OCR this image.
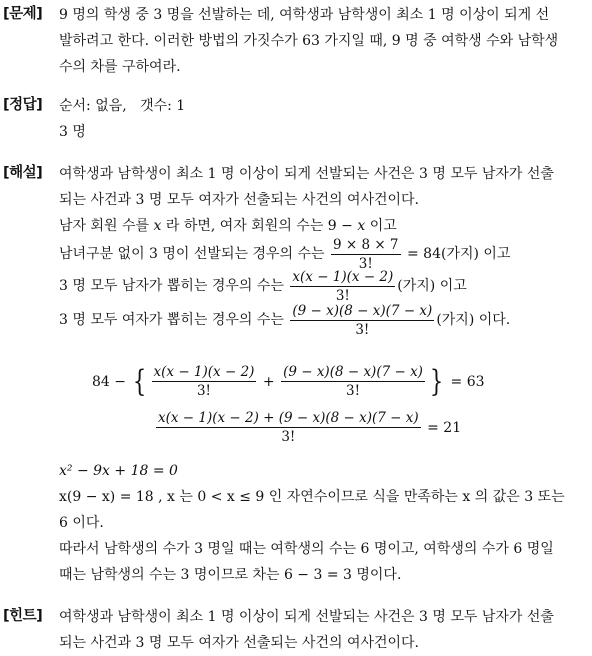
[문제] 9 명의 학생 중 3 명을 선발하는 데, 여학생과 남학생이 최소 1 명 이상이 되게 선
발하려고 한다. 이러한 방법의 가짓수가 63 가지일 때, 9 명 중 여학생 수와 남학생
수의 차를 구하여라.
[정답] 순서: 없음,   갯수: 1
3 명
[해설] 여학생과 남학생이 최소 1 명 이상이 되게 선발되는 사건은 3 명 모두 남자가 선출
되는 사건과 3 명 모두 여자가 선출되는 사건의 여사건이다.
남자 회원 수를 x 라 하면, 여자 회원의 수는 9 − x 이고
남녀구분 없이 3 명이 선발되는 경우의 수는 $\frac{9 \times 8 \times 7}{3!} = 84$(가지) 이고
3 명 모두 남자가 뽑히는 경우의 수는 $\frac{x(x - 1)(x - 2)}{3!}$ (가지) 이고
3 명 모두 여자가 뽑히는 경우의 수는 $\frac{(9 - x)(8 - x)(7 - x)}{3!}$ (가지) 이다.
84 − { $\frac{x(x - 1)(x - 2)}{3!} + \frac{(9 - x)(8 - x)(7 - x)}{3!}$ } = 63
$\frac{x(x - 1)(x - 2) + (9 - x)(8 - x)(7 - x)}{3!} = 21$
x² − 9x + 18 = 0
x(9 − x) = 18 , x 는 0 < x ≤ 9 인 자연수이므로 식을 만족하는 x 의 값은 3 또는
6 이다.
따라서 남학생의 수가 3 명일 때는 여학생의 수는 6 명이고, 여학생의 수가 6 명일
때는 남학생의 수는 3 명이므로 차는 6 − 3 = 3 명이다.
[힌트] 여학생과 남학생이 최소 1 명 이상이 되게 선발되는 사건은 3 명 모두 남자가 선출
되는 사건과 3 명 모두 여자가 선출되는 사건의 여사건이다.
